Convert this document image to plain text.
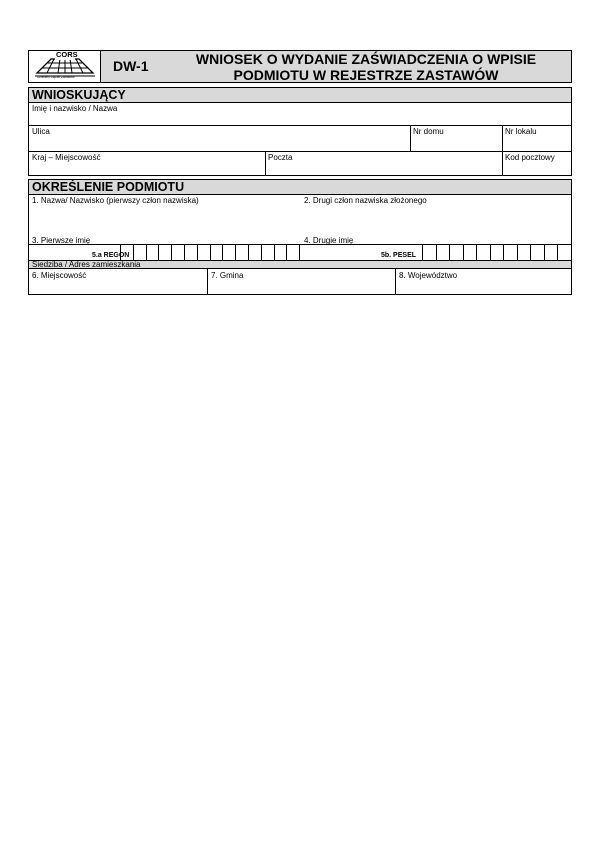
CORS
Centralny Rejestr Zastawów
DW-1	WNIOSEK O WYDANIE ZAŚWIADCZENIA O WPISIE
PODMIOTU W REJESTRZE ZASTAWÓW
WNIOSKUJĄCY
Imię i nazwisko / Nazwa
Ulica	Nr domu	Nr lokalu
Kraj – Miejscowość	Poczta	Kod pocztowy
OKREŚLENIE PODMIOTU
1. Nazwa/ Nazwisko (pierwszy człon nazwiska)	2. Drugi człon nazwiska złożonego
3. Pierwsze imię	4. Drugie imię
5.a REGON	5b. PESEL
Siedziba / Adres zamieszkania
6. Miejscowość	7. Gmina	8. Województwo
